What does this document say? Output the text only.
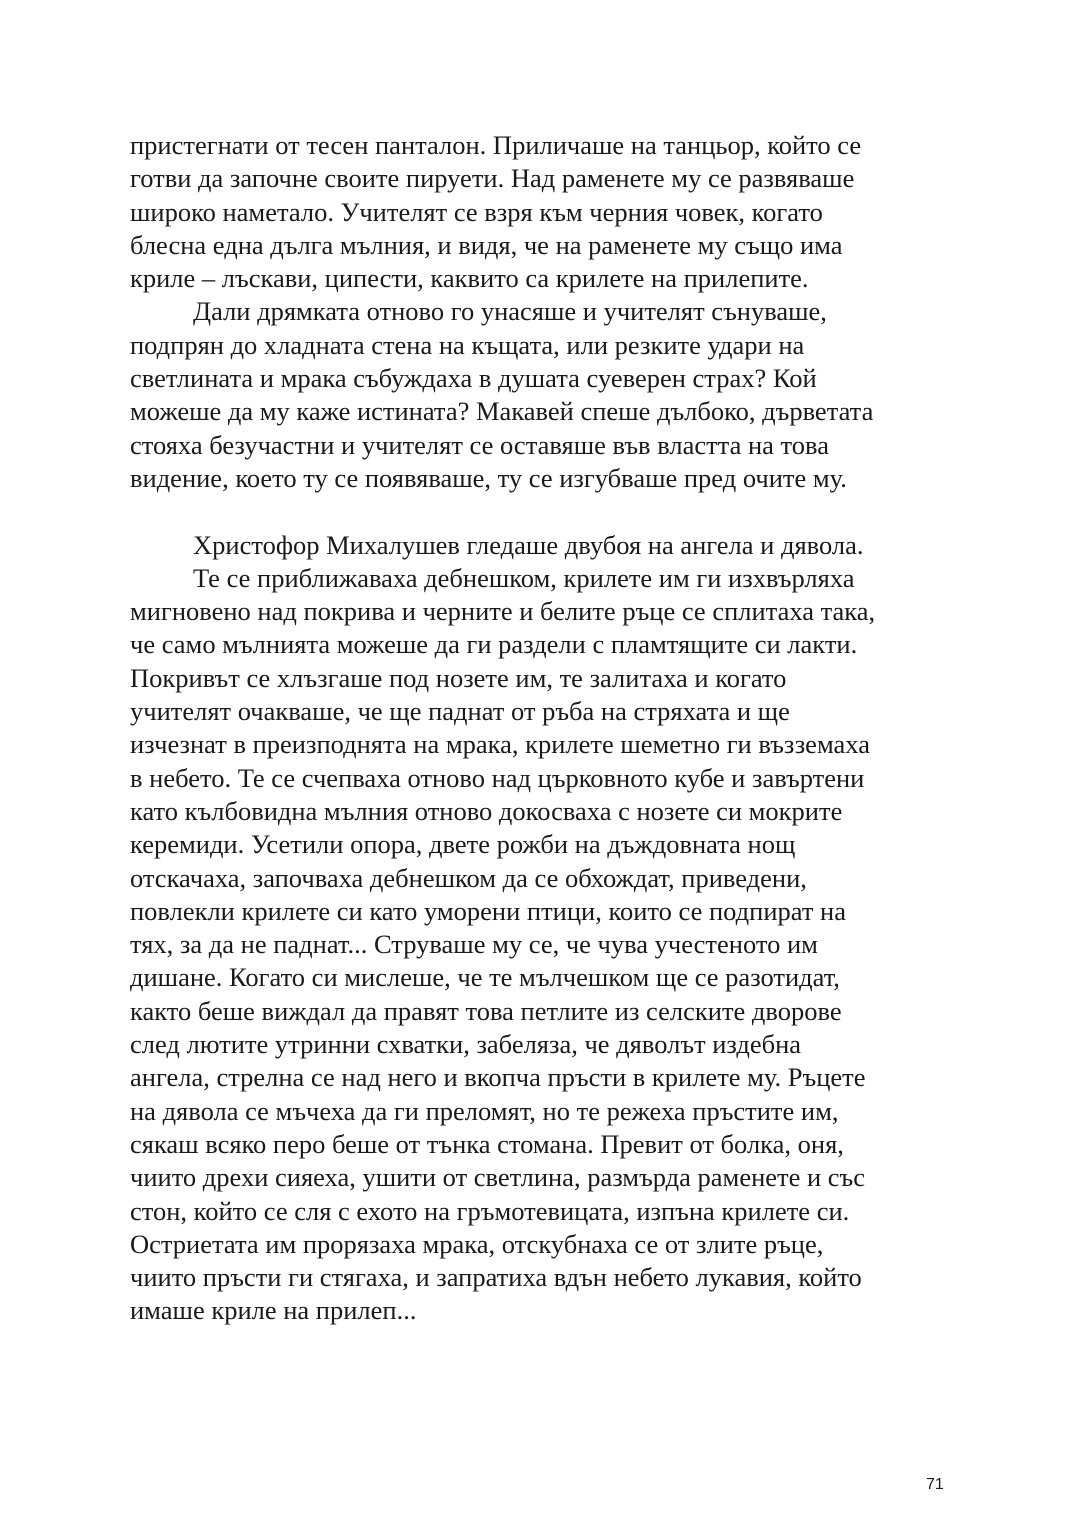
пристегнати от тесен панталон. Приличаше на танцьор, който се
готви да започне своите пируети. Над раменете му се развяваше
широко наметало. Учителят се взря към черния човек, когато
блесна една дълга мълния, и видя, че на раменете му също има
криле – лъскави, ципести, каквито са крилете на прилепите.
Дали дрямката отново го унасяше и учителят сънуваше,
подпрян до хладната стена на къщата, или резките удари на
светлината и мрака събуждаха в душата суеверен страх? Кой
можеше да му каже истината? Макавей спеше дълбоко, дърветата
стояха безучастни и учителят се оставяше във властта на това
видение, което ту се появяваше, ту се изгубваше пред очите му.
Христофор Михалушев гледаше двубоя на ангела и дявола.
Те се приближаваха дебнешком, крилете им ги изхвърляха
мигновено над покрива и черните и белите ръце се сплитаха така,
че само мълнията можеше да ги раздели с пламтящите си лакти.
Покривът се хлъзгаше под нозете им, те залитаха и когато
учителят очакваше, че ще паднат от ръба на стряхата и ще
изчезнат в преизподнята на мрака, крилете шеметно ги възземаха
в небето. Те се счепваха отново над църковното кубе и завъртени
като кълбовидна мълния отново докосваха с нозете си мокрите
керемиди. Усетили опора, двете рожби на дъждовната нощ
отскачаха, започваха дебнешком да се обхождат, приведени,
повлекли крилете си като уморени птици, които се подпират на
тях, за да не паднат... Струваше му се, че чува учестеното им
дишане. Когато си мислеше, че те мълчешком ще се разотидат,
както беше виждал да правят това петлите из селските дворове
след лютите утринни схватки, забеляза, че дяволът издебна
ангела, стрелна се над него и вкопча пръсти в крилете му. Ръцете
на дявола се мъчеха да ги преломят, но те режеха пръстите им,
сякаш всяко перо беше от тънка стомана. Превит от болка, оня,
чиито дрехи сияеха, ушити от светлина, размърда раменете и със
стон, който се сля с ехото на гръмотевицата, изпъна крилете си.
Остриетата им прорязаха мрака, отскубнаха се от злите ръце,
чиито пръсти ги стягаха, и запратиха вдън небето лукавия, който
имаше криле на прилеп...
71
